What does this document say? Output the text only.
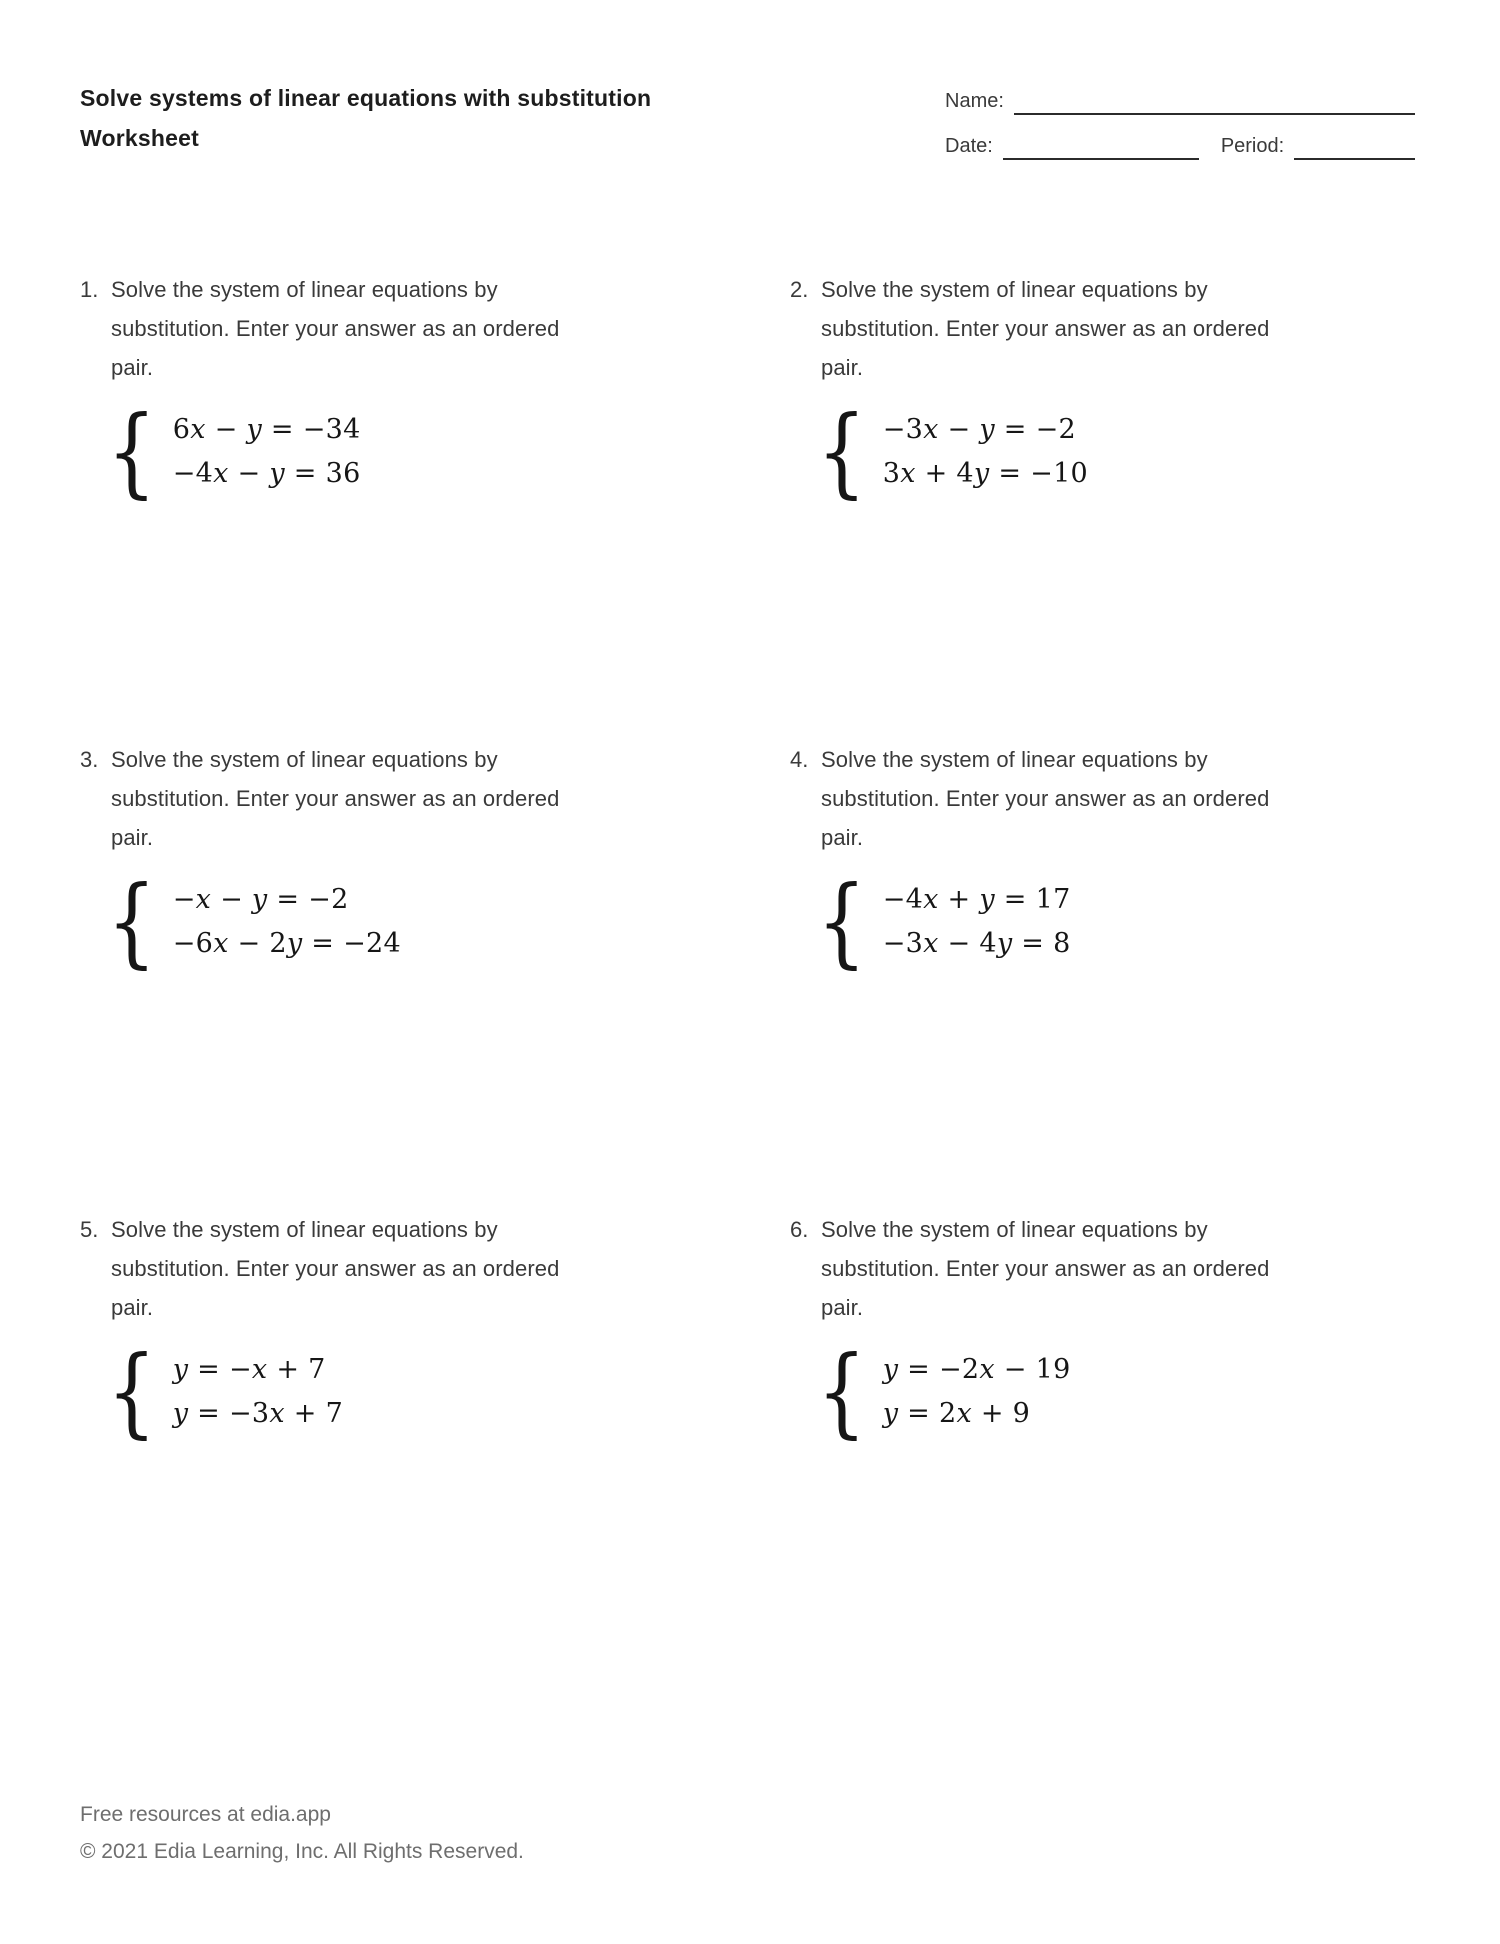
Solve systems of linear equations with substitution
Worksheet
Name:
Date:	Period:
1. Solve the system of linear equations by
substitution. Enter your answer as an ordered
pair.
{ 6x − y = −34
−4x − y = 36
2. Solve the system of linear equations by
substitution. Enter your answer as an ordered
pair.
{ −3x − y = −2
3x + 4y = −10
3. Solve the system of linear equations by
substitution. Enter your answer as an ordered
pair.
{ −x − y = −2
−6x − 2y = −24
4. Solve the system of linear equations by
substitution. Enter your answer as an ordered
pair.
{ −4x + y = 17
−3x − 4y = 8
5. Solve the system of linear equations by
substitution. Enter your answer as an ordered
pair.
{ y = −x + 7
y = −3x + 7
6. Solve the system of linear equations by
substitution. Enter your answer as an ordered
pair.
{ y = −2x − 19
y = 2x + 9
Free resources at edia.app
© 2021 Edia Learning, Inc. All Rights Reserved.
